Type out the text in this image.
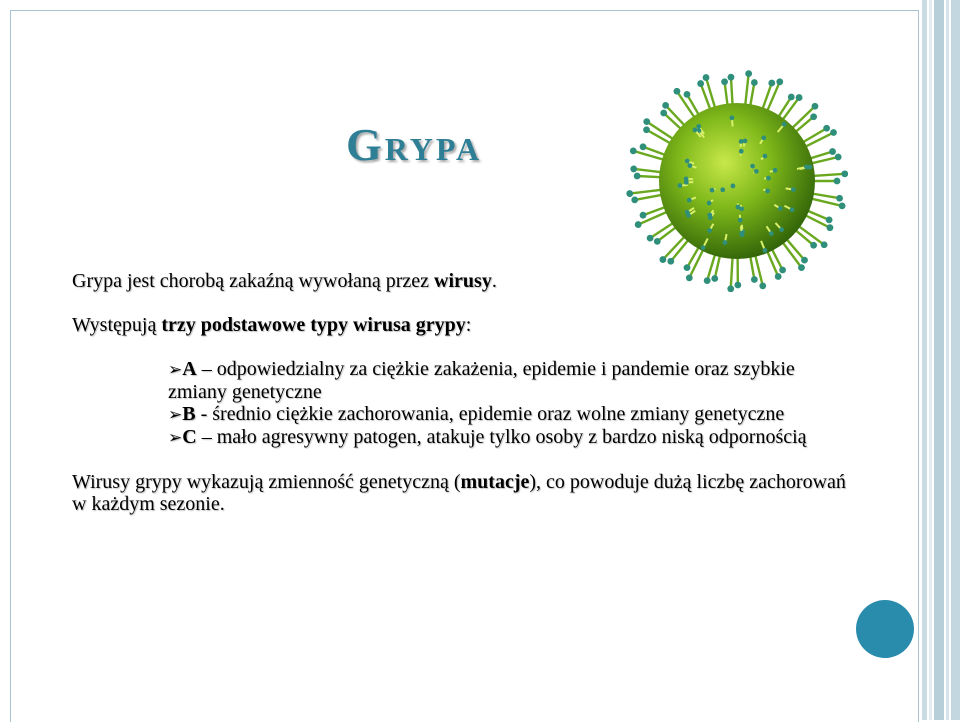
Grypa

Grypa jest chorobą zakaźną wywołaną przez wirusy.

Występują trzy podstawowe typy wirusa grypy:

➢A – odpowiedzialny za ciężkie zakażenia, epidemie i pandemie oraz szybkie zmiany genetyczne
➢B - średnio ciężkie zachorowania, epidemie oraz wolne zmiany genetyczne
➢C – mało agresywny patogen, atakuje tylko osoby z bardzo niską odpornością

Wirusy grypy wykazują zmienność genetyczną (mutacje), co powoduje dużą liczbę zachorowań w każdym sezonie.
